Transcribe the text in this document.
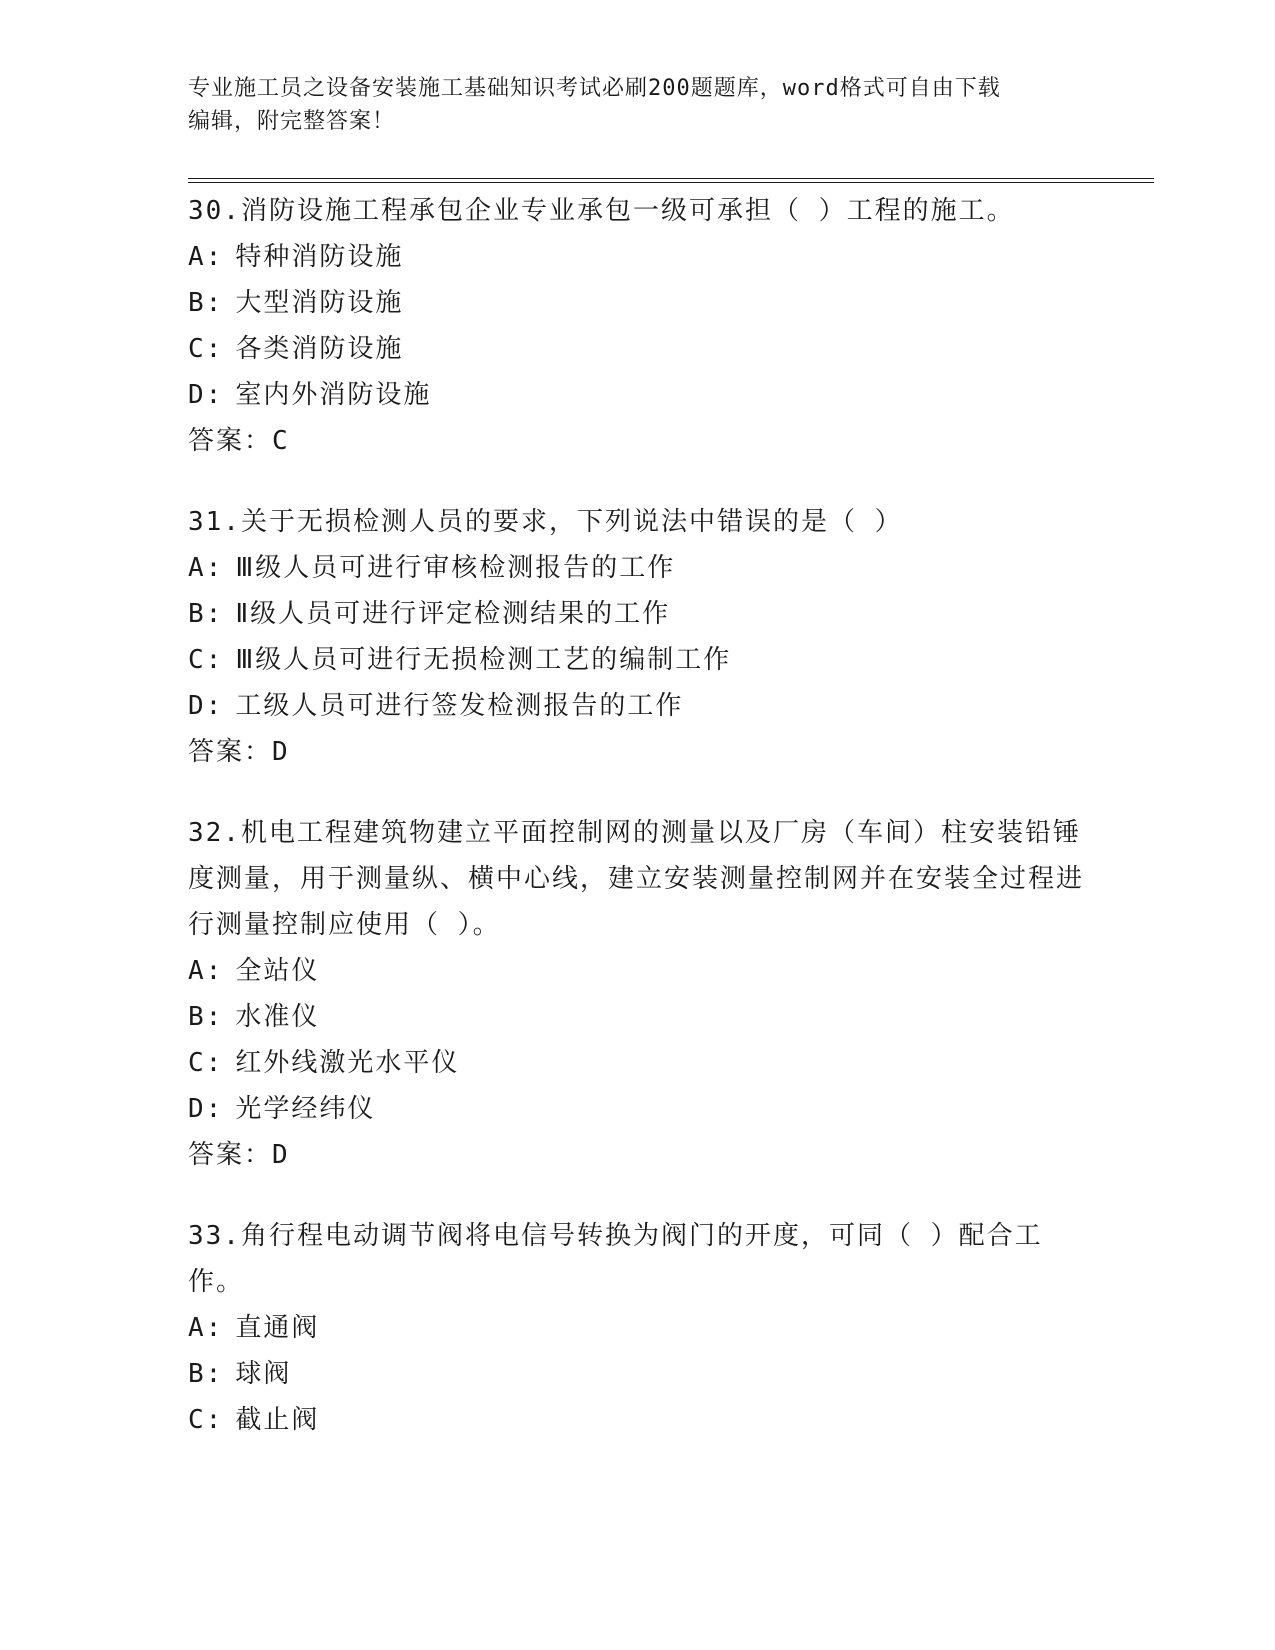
专业施工员之设备安装施工基础知识考试必刷200题题库，word格式可自由下载
编辑，附完整答案！

30.消防设施工程承包企业专业承包一级可承担（ ）工程的施工。

A: 特种消防设施

B: 大型消防设施

C: 各类消防设施

D: 室内外消防设施

答案：C

31.关于无损检测人员的要求，下列说法中错误的是（ ）

A: Ⅲ级人员可进行审核检测报告的工作

B: Ⅱ级人员可进行评定检测结果的工作

C: Ⅲ级人员可进行无损检测工艺的编制工作

D: 工级人员可进行签发检测报告的工作

答案：D

32.机电工程建筑物建立平面控制网的测量以及厂房（车间）柱安装铅锤度测量，用于测量纵、横中心线，建立安装测量控制网并在安装全过程进行测量控制应使用（ ）。

A: 全站仪

B: 水准仪

C: 红外线激光水平仪

D: 光学经纬仪

答案：D

33.角行程电动调节阀将电信号转换为阀门的开度，可同（ ）配合工作。

A: 直通阀

B: 球阀

C: 截止阀
